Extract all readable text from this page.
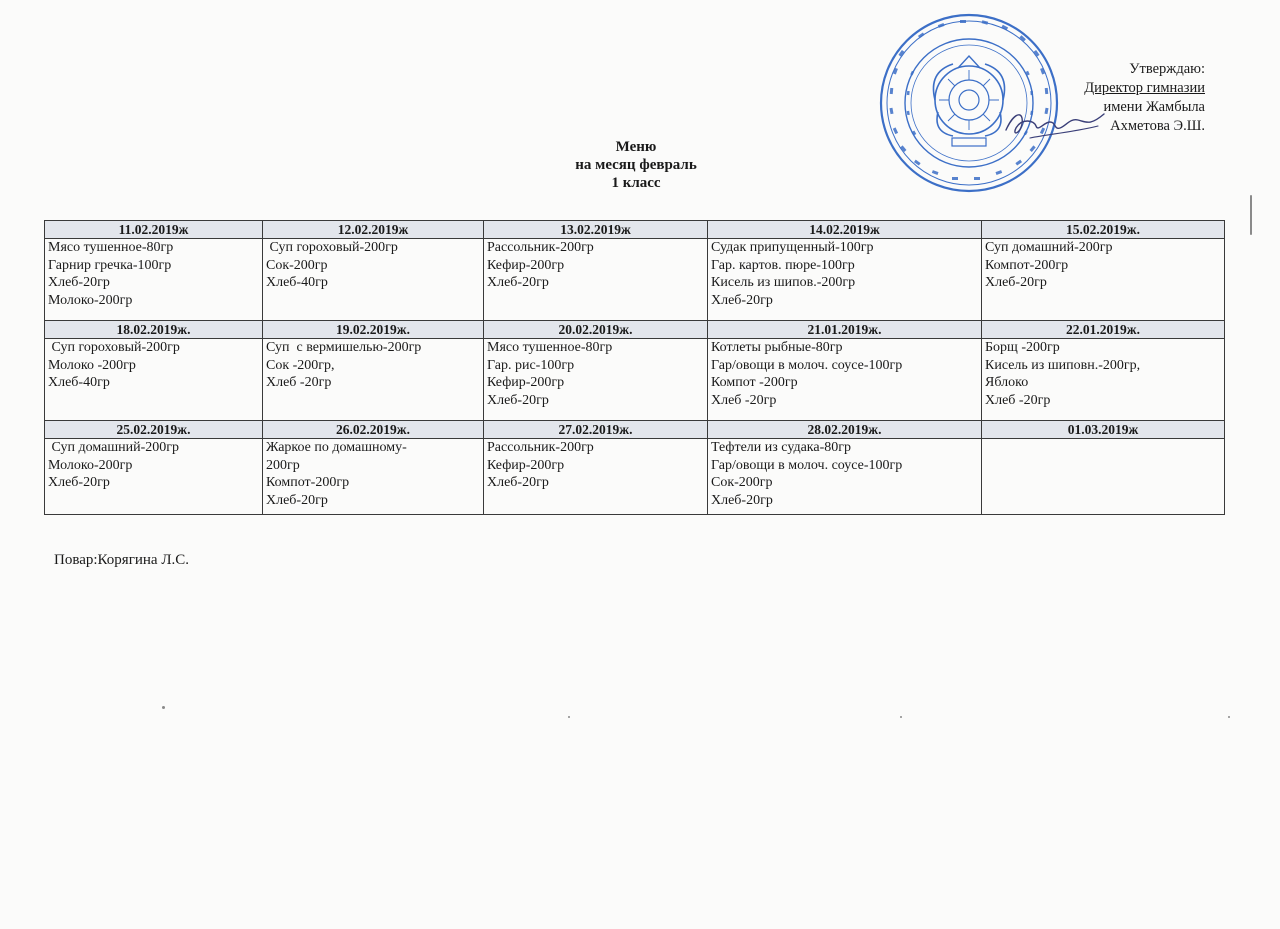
Утверждаю:
Директор гимназии
имени Жамбыла
Ахметова Э.Ш.
Меню
на месяц февраль
1 класс
11.02.2019ж	12.02.2019ж	13.02.2019ж	14.02.2019ж	15.02.2019ж.

Мясо тушенное-80гр
Гарнир гречка-100гр
Хлеб-20гр
Молоко-200гр	Суп гороховый-200гр
Сок-200гр
Хлеб-40гр	Рассольник-200гр
Кефир-200гр
Хлеб-20гр	Судак припущенный-100гр
Гар. картов. пюре-100гр
Кисель из шипов.-200гр
Хлеб-20гр	Суп домашний-200гр
Компот-200гр
Хлеб-20гр

18.02.2019ж.	19.02.2019ж.	20.02.2019ж.	21.01.2019ж.	22.01.2019ж.

Суп гороховый-200гр
Молоко -200гр
Хлеб-40гр	Суп  с вермишелью-200гр
Сок -200гр,
Хлеб -20гр	Мясо тушенное-80гр
Гар. рис-100гр
Кефир-200гр
Хлеб-20гр	Котлеты рыбные-80гр
Гар/овощи в молоч. соусе-100гр
Компот -200гр
Хлеб -20гр	Борщ -200гр
Кисель из шиповн.-200гр,
Яблоко
Хлеб -20гр

25.02.2019ж.	26.02.2019ж.	27.02.2019ж.	28.02.2019ж.	01.03.2019ж

Суп домашний-200гр
Молоко-200гр
Хлеб-20гр	Жаркое по домашному-
200гр
Компот-200гр
Хлеб-20гр	Рассольник-200гр
Кефир-200гр
Хлеб-20гр	Тефтели из судака-80гр
Гар/овощи в молоч. соусе-100гр
Сок-200гр
Хлеб-20гр	

Повар:Корягина Л.С.
